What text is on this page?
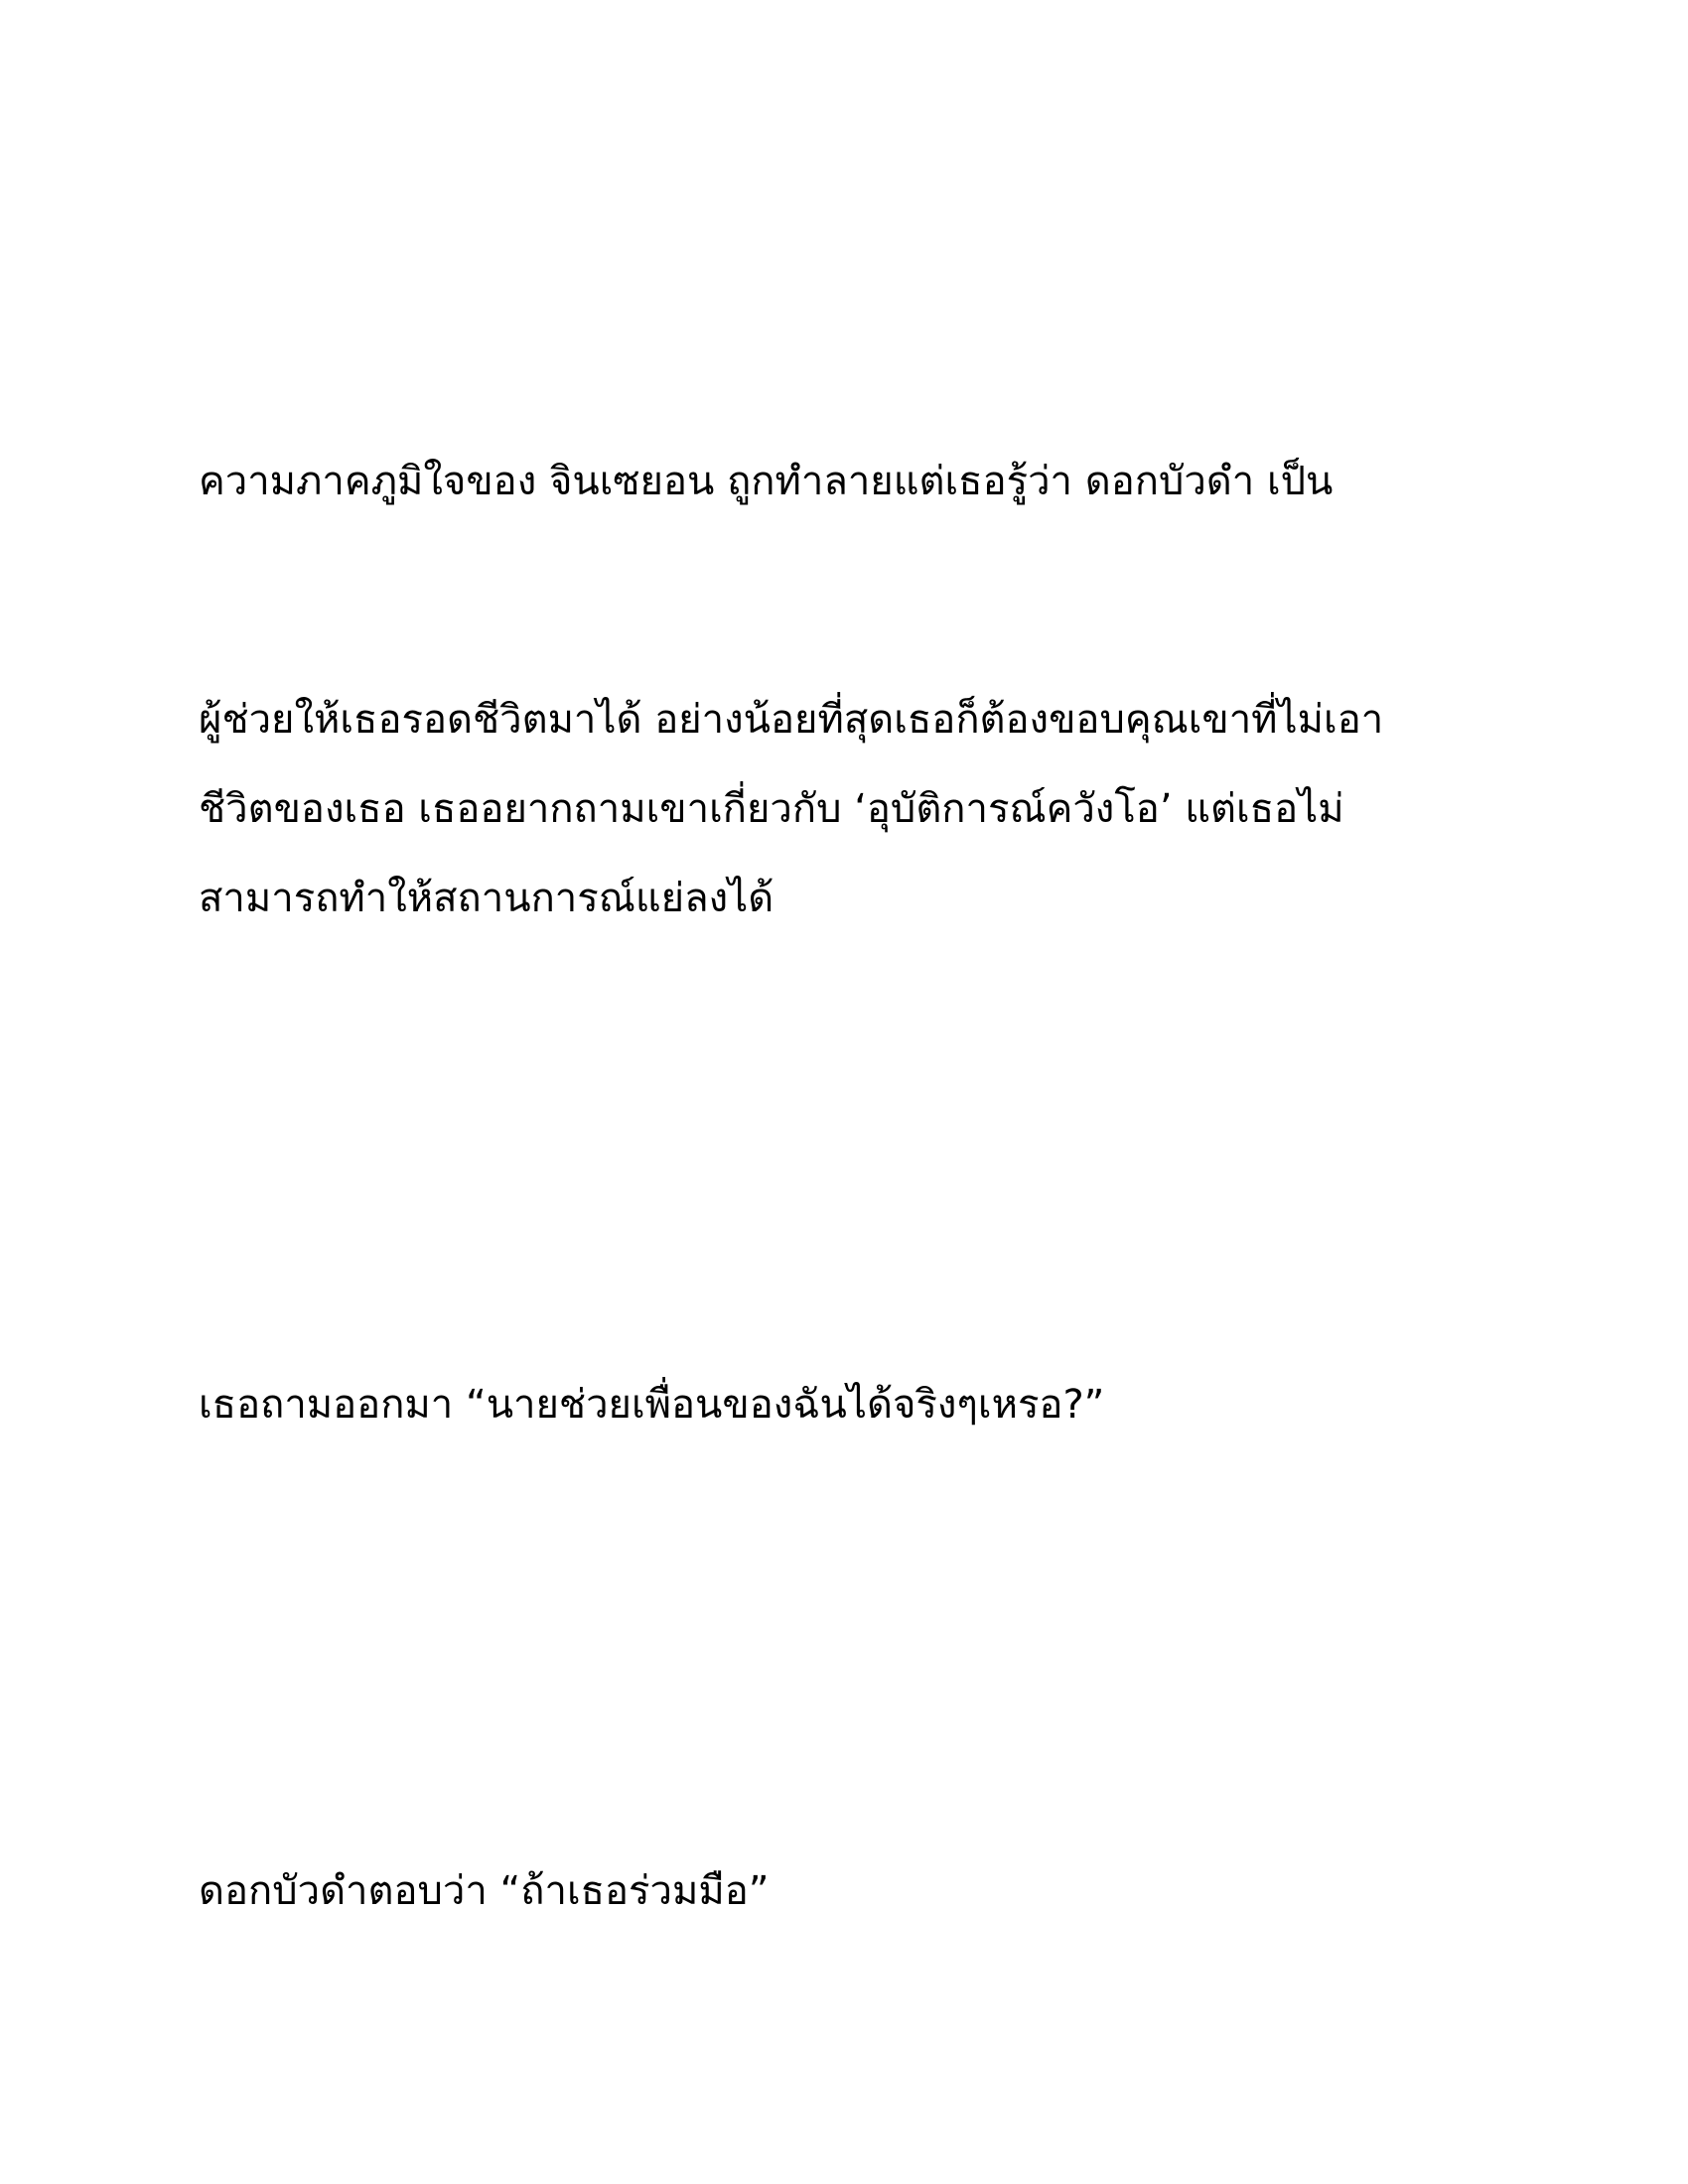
ความภาคภูมิใจของ จินเซยอน ถูกทำลายแต่เธอรู้ว่า ดอกบัวดำ เป็น

ผู้ช่วยให้เธอรอดชีวิตมาได้ อย่างน้อยที่สุดเธอก็ต้องขอบคุณเขาที่ไม่เอา

ชีวิตของเธอ เธออยากถามเขาเกี่ยวกับ ‘อุบัติการณ์ควังโอ’ แต่เธอไม่

สามารถทำให้สถานการณ์แย่ลงได้

เธอถามออกมา “นายช่วยเพื่อนของฉันได้จริงๆเหรอ?”

ดอกบัวดำตอบว่า “ถ้าเธอร่วมมือ”
